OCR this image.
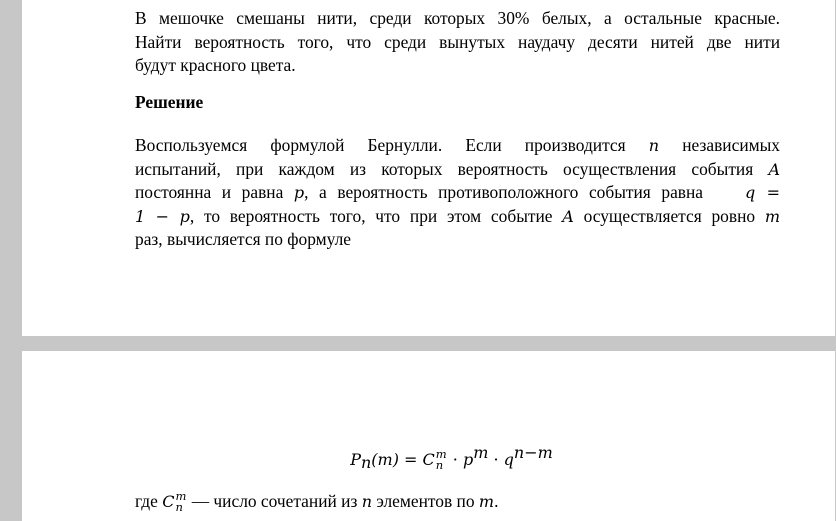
В мешочке смешаны нити, среди которых 30% белых, а остальные красные.
Найти вероятность того, что среди вынутых наудачу десяти нитей две нити
будут красного цвета.

Решение

Воспользуемся формулой Бернулли. Если производится n независимых
испытаний, при каждом из которых вероятность осуществления события A
постоянна и равна p, а вероятность противоположного события равна	q =
1 − p, то вероятность того, что при этом событие A осуществляется ровно m
раз, вычисляется по формуле

$P_n(m) = C$ m
$n \cdot p^m \cdot q^{n-m}$

где C m
n — число сочетаний из n элементов по m.
